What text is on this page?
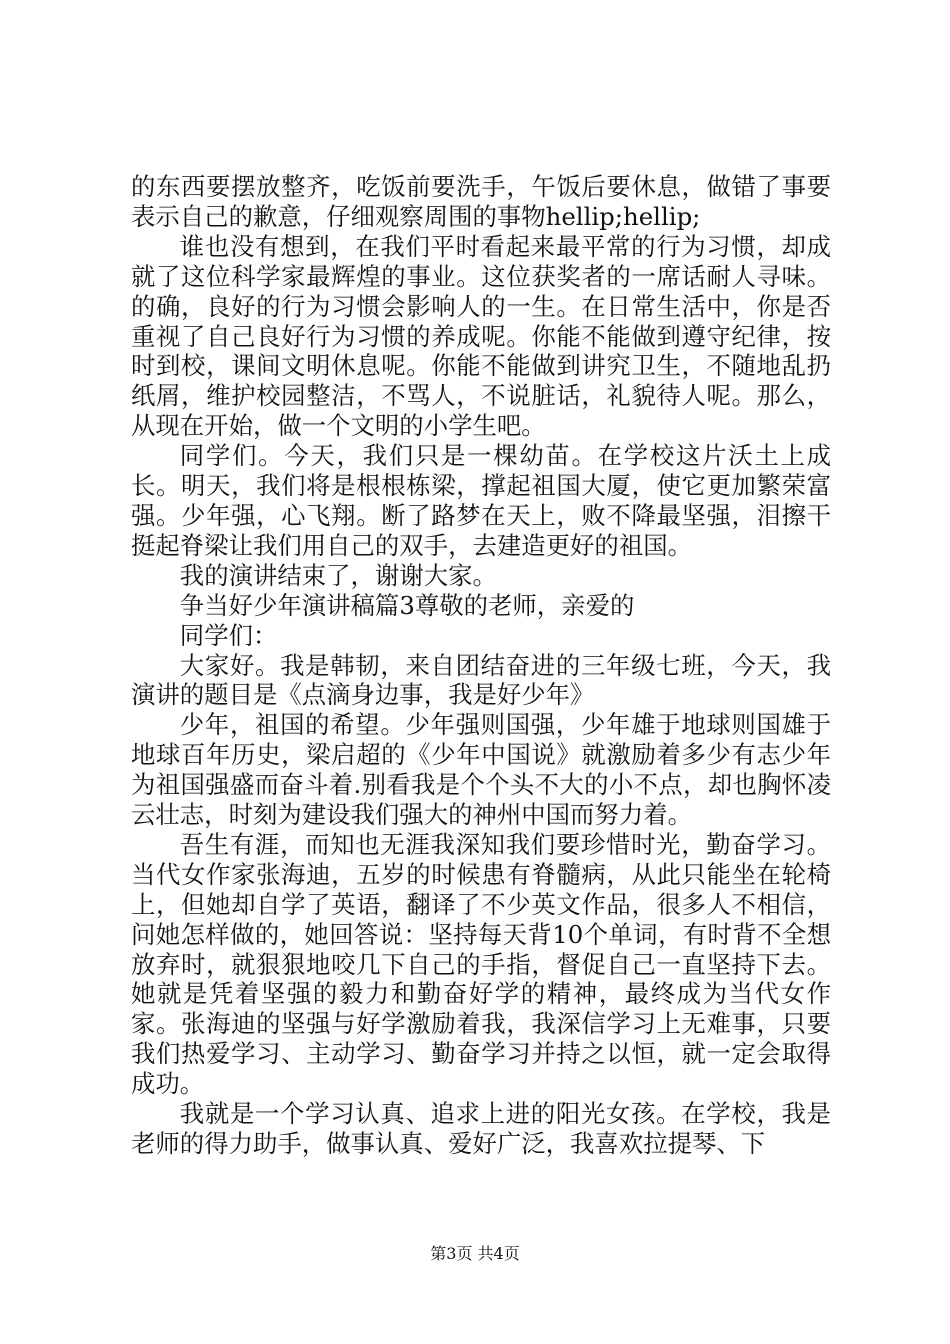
的东西要摆放整齐，吃饭前要洗手，午饭后要休息，做错了事要表示自己的歉意，仔细观察周围的事物hellip;hellip;

谁也没有想到，在我们平时看起来最平常的行为习惯，却成就了这位科学家最辉煌的事业。这位获奖者的一席话耐人寻味。的确，良好的行为习惯会影响人的一生。在日常生活中，你是否重视了自己良好行为习惯的养成呢。你能不能做到遵守纪律，按时到校，课间文明休息呢。你能不能做到讲究卫生，不随地乱扔纸屑，维护校园整洁，不骂人，不说脏话，礼貌待人呢。那么，从现在开始，做一个文明的小学生吧。

同学们。今天，我们只是一棵幼苗。在学校这片沃土上成长。明天，我们将是根根栋梁，撑起祖国大厦，使它更加繁荣富强。少年强，心飞翔。断了路梦在天上，败不降最坚强，泪擦干挺起脊梁让我们用自己的双手，去建造更好的祖国。

我的演讲结束了，谢谢大家。

争当好少年演讲稿篇3尊敬的老师，亲爱的

同学们：

大家好。我是韩韧，来自团结奋进的三年级七班，今天，我演讲的题目是《点滴身边事，我是好少年》

少年，祖国的希望。少年强则国强，少年雄于地球则国雄于地球百年历史，梁启超的《少年中国说》就激励着多少有志少年为祖国强盛而奋斗着.别看我是个个头不大的小不点，却也胸怀凌云壮志，时刻为建设我们强大的神州中国而努力着。

吾生有涯，而知也无涯我深知我们要珍惜时光，勤奋学习。当代女作家张海迪，五岁的时候患有脊髓病，从此只能坐在轮椅上，但她却自学了英语，翻译了不少英文作品，很多人不相信，问她怎样做的，她回答说：坚持每天背10个单词，有时背不全想放弃时，就狠狠地咬几下自己的手指，督促自己一直坚持下去。她就是凭着坚强的毅力和勤奋好学的精神，最终成为当代女作家。张海迪的坚强与好学激励着我，我深信学习上无难事，只要我们热爱学习、主动学习、勤奋学习并持之以恒，就一定会取得成功。

我就是一个学习认真、追求上进的阳光女孩。在学校，我是老师的得力助手，做事认真、爱好广泛，我喜欢拉提琴、下

第3页 共4页
